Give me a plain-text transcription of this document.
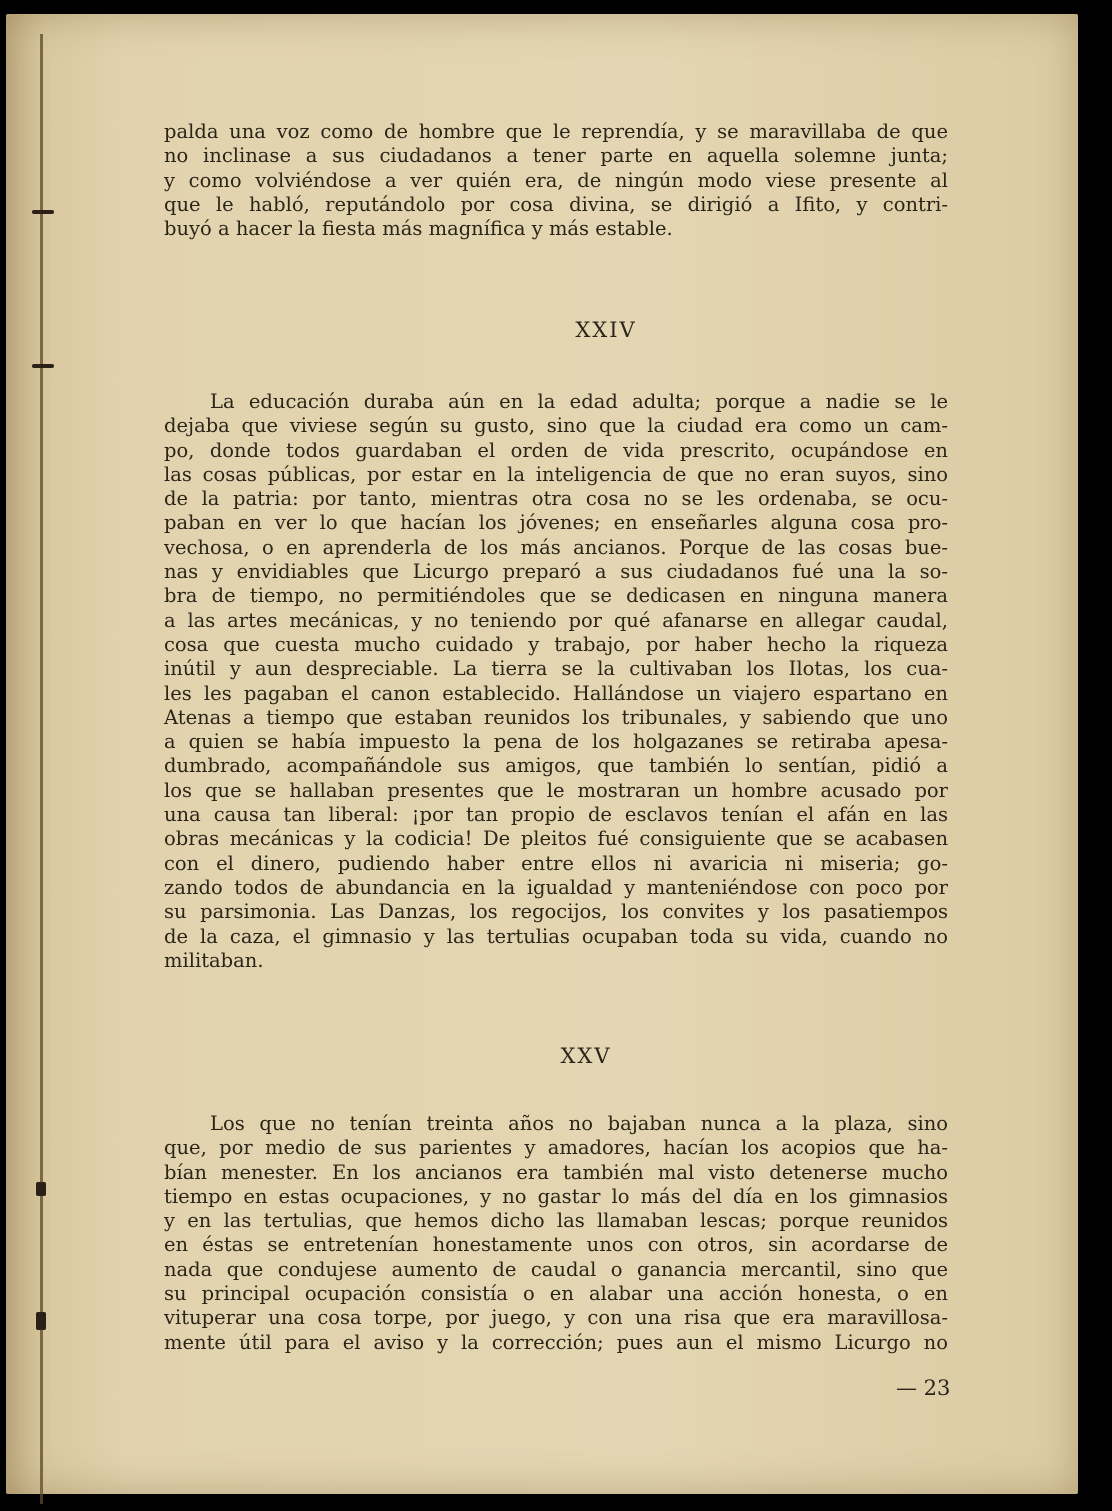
palda una voz como de hombre que le reprendía, y se maravillaba de que

no inclinase a sus ciudadanos a tener parte en aquella solemne junta;

y como volviéndose a ver quién era, de ningún modo viese presente al

que le habló, reputándolo por cosa divina, se dirigió a Ifito, y contri-

buyó a hacer la fiesta más magnífica y más estable.

XXIV

La educación duraba aún en la edad adulta; porque a nadie se le

dejaba que viviese según su gusto, sino que la ciudad era como un cam-

po, donde todos guardaban el orden de vida prescrito, ocupándose en

las cosas públicas, por estar en la inteligencia de que no eran suyos, sino

de la patria: por tanto, mientras otra cosa no se les ordenaba, se ocu-

paban en ver lo que hacían los jóvenes; en enseñarles alguna cosa pro-

vechosa, o en aprenderla de los más ancianos. Porque de las cosas bue-

nas y envidiables que Licurgo preparó a sus ciudadanos fué una la so-

bra de tiempo, no permitiéndoles que se dedicasen en ninguna manera

a las artes mecánicas, y no teniendo por qué afanarse en allegar caudal,

cosa que cuesta mucho cuidado y trabajo, por haber hecho la riqueza

inútil y aun despreciable. La tierra se la cultivaban los Ilotas, los cua-

les les pagaban el canon establecido. Hallándose un viajero espartano en

Atenas a tiempo que estaban reunidos los tribunales, y sabiendo que uno

a quien se había impuesto la pena de los holgazanes se retiraba apesa-

dumbrado, acompañándole sus amigos, que también lo sentían, pidió a

los que se hallaban presentes que le mostraran un hombre acusado por

una causa tan liberal: ¡por tan propio de esclavos tenían el afán en las

obras mecánicas y la codicia! De pleitos fué consiguiente que se acabasen

con el dinero, pudiendo haber entre ellos ni avaricia ni miseria; go-

zando todos de abundancia en la igualdad y manteniéndose con poco por

su parsimonia. Las Danzas, los regocijos, los convites y los pasatiempos

de la caza, el gimnasio y las tertulias ocupaban toda su vida, cuando no

militaban.

XXV

Los que no tenían treinta años no bajaban nunca a la plaza, sino

que, por medio de sus parientes y amadores, hacían los acopios que ha-

bían menester. En los ancianos era también mal visto detenerse mucho

tiempo en estas ocupaciones, y no gastar lo más del día en los gimnasios

y en las tertulias, que hemos dicho las llamaban lescas; porque reunidos

en éstas se entretenían honestamente unos con otros, sin acordarse de

nada que condujese aumento de caudal o ganancia mercantil, sino que

su principal ocupación consistía o en alabar una acción honesta, o en

vituperar una cosa torpe, por juego, y con una risa que era maravillosa-

mente útil para el aviso y la corrección; pues aun el mismo Licurgo no

— 23
